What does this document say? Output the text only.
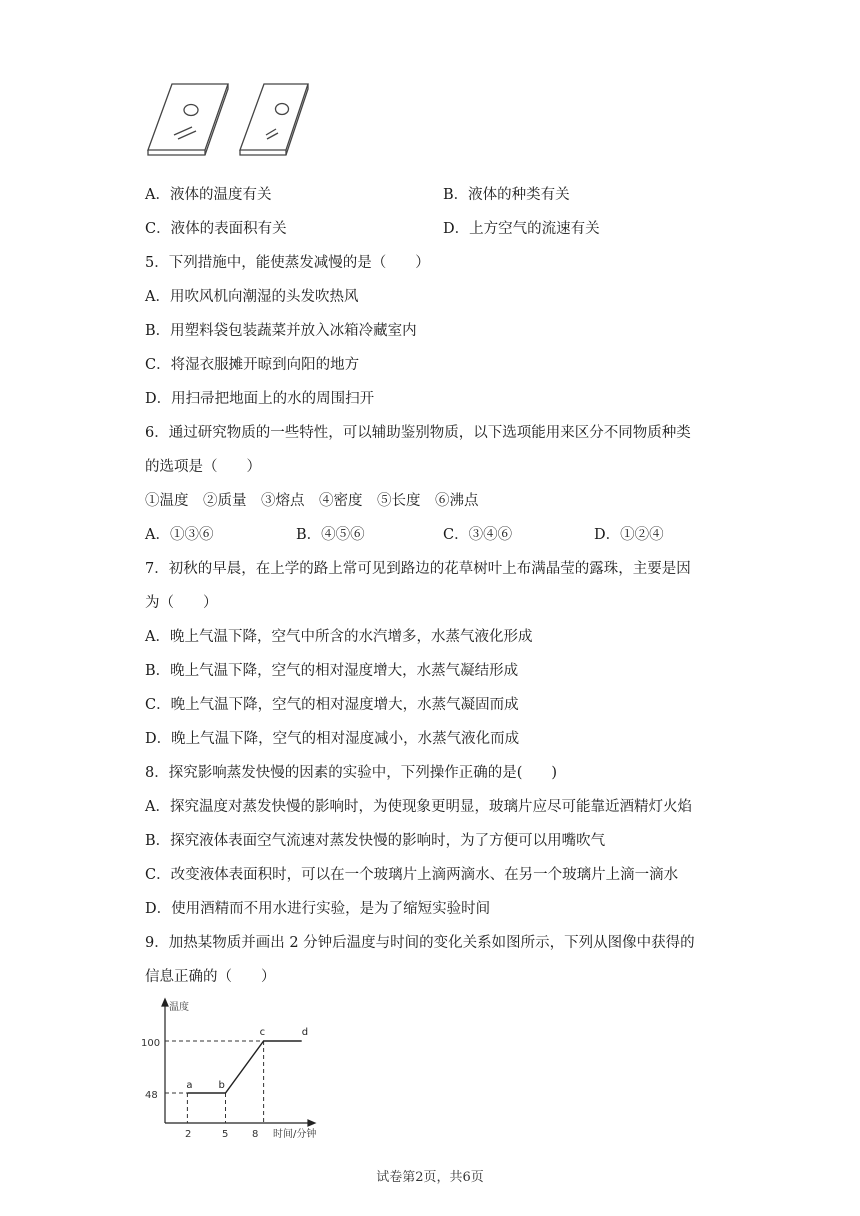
A．液体的温度有关	B．液体的种类有关
C．液体的表面积有关	D．上方空气的流速有关
5．下列措施中，能使蒸发减慢的是（　　）
A．用吹风机向潮湿的头发吹热风
B．用塑料袋包装蔬菜并放入冰箱冷藏室内
C．将湿衣服摊开晾到向阳的地方
D．用扫帚把地面上的水的周围扫开
6．通过研究物质的一些特性，可以辅助鉴别物质，以下选项能用来区分不同物质种类
的选项是（　　）
①温度　②质量　③熔点　④密度　⑤长度　⑥沸点
A．①③⑥	B．④⑤⑥	C．③④⑥	D．①②④
7．初秋的早晨，在上学的路上常可见到路边的花草树叶上布满晶莹的露珠，主要是因
为（　　）
A．晚上气温下降，空气中所含的水汽增多，水蒸气液化形成
B．晚上气温下降，空气的相对湿度增大，水蒸气凝结形成
C．晚上气温下降，空气的相对湿度增大，水蒸气凝固而成
D．晚上气温下降，空气的相对湿度减小，水蒸气液化而成
8．探究影响蒸发快慢的因素的实验中，下列操作正确的是(　　)
A．探究温度对蒸发快慢的影响时，为使现象更明显，玻璃片应尽可能靠近酒精灯火焰
B．探究液体表面空气流速对蒸发快慢的影响时，为了方便可以用嘴吹气
C．改变液体表面积时，可以在一个玻璃片上滴两滴水、在另一个玻璃片上滴一滴水
D．使用酒精而不用水进行实验，是为了缩短实验时间
9．加热某物质并画出 2 分钟后温度与时间的变化关系如图所示，下列从图像中获得的
信息正确的（　　）
温度
时间/分钟
100
48
2	5 8
a	b
c	d
试卷第2页，共6页
